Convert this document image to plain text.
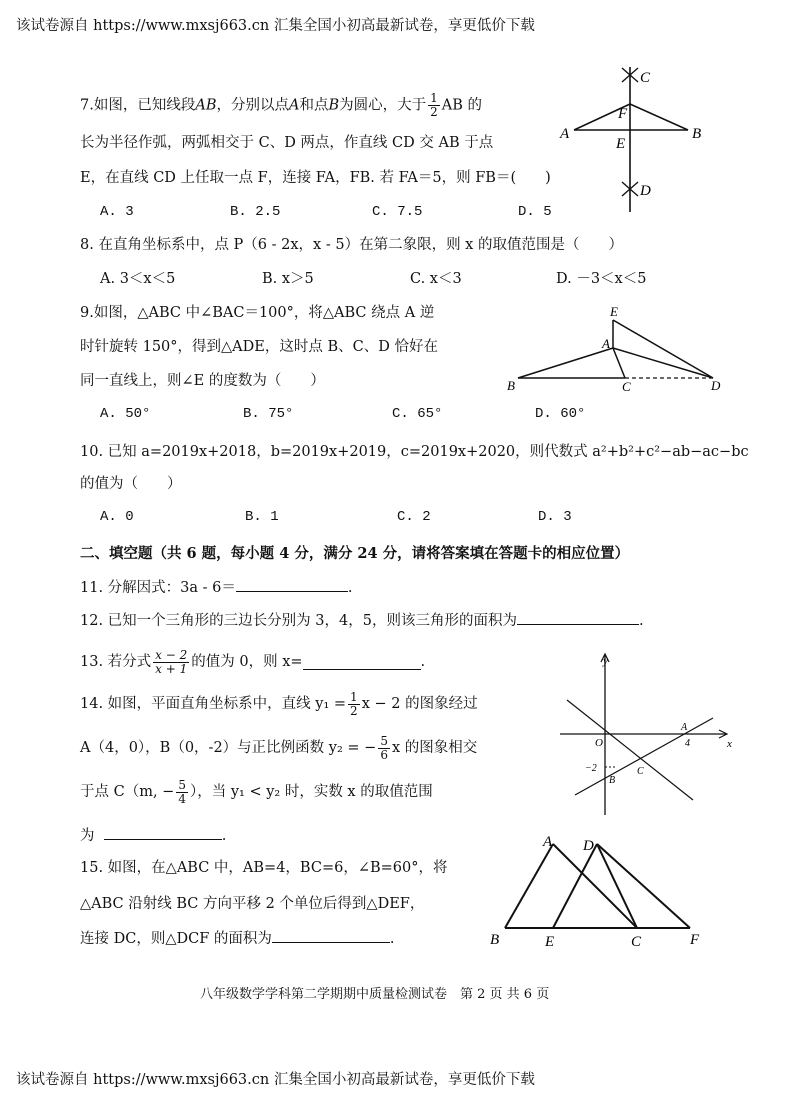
该试卷源自 https://www.mxsj663.cn 汇集全国小初高最新试卷，享更低价下载
7.如图，已知线段AB，分别以点A和点B为圆心，大于 $\frac{1}{2}$ AB 的
长为半径作弧，两弧相交于 C、D 两点，作直线 CD 交 AB 于点
E，在直线 CD 上任取一点 F，连接 FA，FB. 若 FA＝5，则 FB＝(　　)
A. 3	B. 2.5	C. 7.5	D. 5
C
D
A	B
F
E
8. 在直角坐标系中，点 P（6 - 2x，x - 5）在第二象限，则 x 的取值范围是（　　）
A. 3＜x＜5	B. x＞5	C. x＜3	D. －3＜x＜5
9.如图，△ABC 中∠BAC＝100°，将△ABC 绕点 A 逆
时针旋转 150°，得到△ADE，这时点 B、C、D 恰好在
同一直线上，则∠E 的度数为（　　）
A. 50°	B. 75°	C. 65°	D. 60°
E
A
B	C	D
10. 已知 a=2019x+2018，b=2019x+2019，c=2019x+2020，则代数式 a²+b²+c²−ab−ac−bc
的值为（　　）
A. 0	B. 1	C. 2	D. 3
二、填空题（共 6 题，每小题 4 分，满分 24 分，请将答案填在答题卡的相应位置）
11. 分解因式：3a - 6＝	.
12. 已知一个三角形的三边长分别为 3，4，5，则该三角形的面积为	.
13. 若分式 $\frac{x - 2}{x + 1}$ 的值为 0，则 x=	.
14. 如图，平面直角坐标系中，直线 $y_1 = \frac{1}{2}$ x − 2 的图象经过
A（4，0），B（0，-2）与正比例函数 y₂ = − $\frac{5}{6}$ x 的图象相交
于点 C（m, − $\frac{5}{4}$ ），当 y₁ < y₂ 时，实数 x 的取值范围
为	.
y
x
O
A
4
−2	C
B
15. 如图，在△ABC 中，AB=4，BC=6，∠B=60°，将
△ABC 沿射线 BC 方向平移 2 个单位后得到△DEF，
连接 DC，则△DCF 的面积为	.
A D
B	E	C	F
八年级数学学科第二学期期中质量检测试卷　第 2 页 共 6 页
该试卷源自 https://www.mxsj663.cn 汇集全国小初高最新试卷，享更低价下载
